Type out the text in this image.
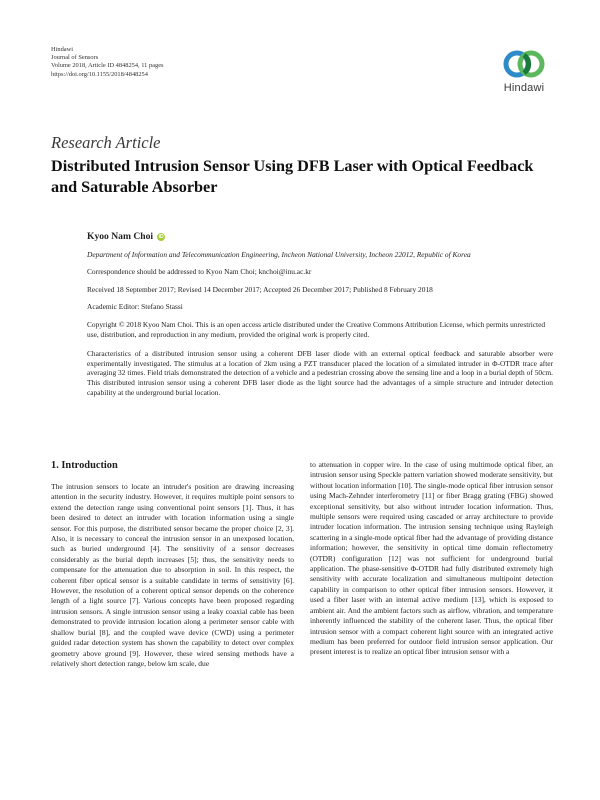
Hindawi
Journal of Sensors
Volume 2018, Article ID 4848254, 11 pages
https://doi.org/10.1155/2018/4848254
Hindawi
Research Article
Distributed Intrusion Sensor Using DFB Laser with Optical Feedback and Saturable Absorber
Kyoo Nam Choi	iD
Department of Information and Telecommunication Engineering, Incheon National University, Incheon 22012, Republic of Korea
Correspondence should be addressed to Kyoo Nam Choi; knchoi@inu.ac.kr
Received 18 September 2017; Revised 14 December 2017; Accepted 26 December 2017; Published 8 February 2018
Academic Editor: Stefano Stassi
Copyright © 2018 Kyoo Nam Choi. This is an open access article distributed under the Creative Commons Attribution License, which permits unrestricted use, distribution, and reproduction in any medium, provided the original work is properly cited.
Characteristics of a distributed intrusion sensor using a coherent DFB laser diode with an external optical feedback and saturable absorber were experimentally investigated. The stimulus at a location of 2km using a PZT transducer placed the location of a simulated intruder in Φ-OTDR trace after averaging 32 times. Field trials demonstrated the detection of a vehicle and a pedestrian crossing above the sensing line and a loop in a burial depth of 50cm. This distributed intrusion sensor using a coherent DFB laser diode as the light source had the advantages of a simple structure and intruder detection capability at the underground burial location.
1. Introduction

The intrusion sensors to locate an intruder's position are drawing increasing attention in the security industry. However, it requires multiple point sensors to extend the detection range using conventional point sensors [1]. Thus, it has been desired to detect an intruder with location information using a single sensor. For this purpose, the distributed sensor became the proper choice [2, 3]. Also, it is necessary to conceal the intrusion sensor in an unexposed location, such as buried underground [4]. The sensitivity of a sensor decreases considerably as the burial depth increases [5]; thus, the sensitivity needs to compensate for the attenuation due to absorption in soil. In this respect, the coherent fiber optical sensor is a suitable candidate in terms of sensitivity [6]. However, the resolution of a coherent optical sensor depends on the coherence length of a light source [7]. Various concepts have been proposed regarding intrusion sensors. A single intrusion sensor using a leaky coaxial cable has been demonstrated to provide intrusion location along a perimeter sensor cable with shallow burial [8], and the coupled wave device (CWD) using a perimeter guided radar detection system has shown the capability to detect over complex geometry above ground [9]. However, these wired sensing methods have a relatively short detection range, below km scale, due

to attenuation in copper wire. In the case of using multimode optical fiber, an intrusion sensor using Speckle pattern variation showed moderate sensitivity, but without location information [10]. The single-mode optical fiber intrusion sensor using Mach-Zehnder interferometry [11] or fiber Bragg grating (FBG) showed exceptional sensitivity, but also without intruder location information. Thus, multiple sensors were required using cascaded or array architecture to provide intruder location information. The intrusion sensing technique using Rayleigh scattering in a single-mode optical fiber had the advantage of providing distance information; however, the sensitivity in optical time domain reflectometry (OTDR) configuration [12] was not sufficient for underground burial application. The phase-sensitive Φ-OTDR had fully distributed extremely high sensitivity with accurate localization and simultaneous multipoint detection capability in comparison to other optical fiber intrusion sensors. However, it used a fiber laser with an internal active medium [13], which is exposed to ambient air. And the ambient factors such as airflow, vibration, and temperature inherently influenced the stability of the coherent laser. Thus, the optical fiber intrusion sensor with a compact coherent light source with an integrated active medium has been preferred for outdoor field intrusion sensor application. Our present interest is to realize an optical fiber intrusion sensor with a
